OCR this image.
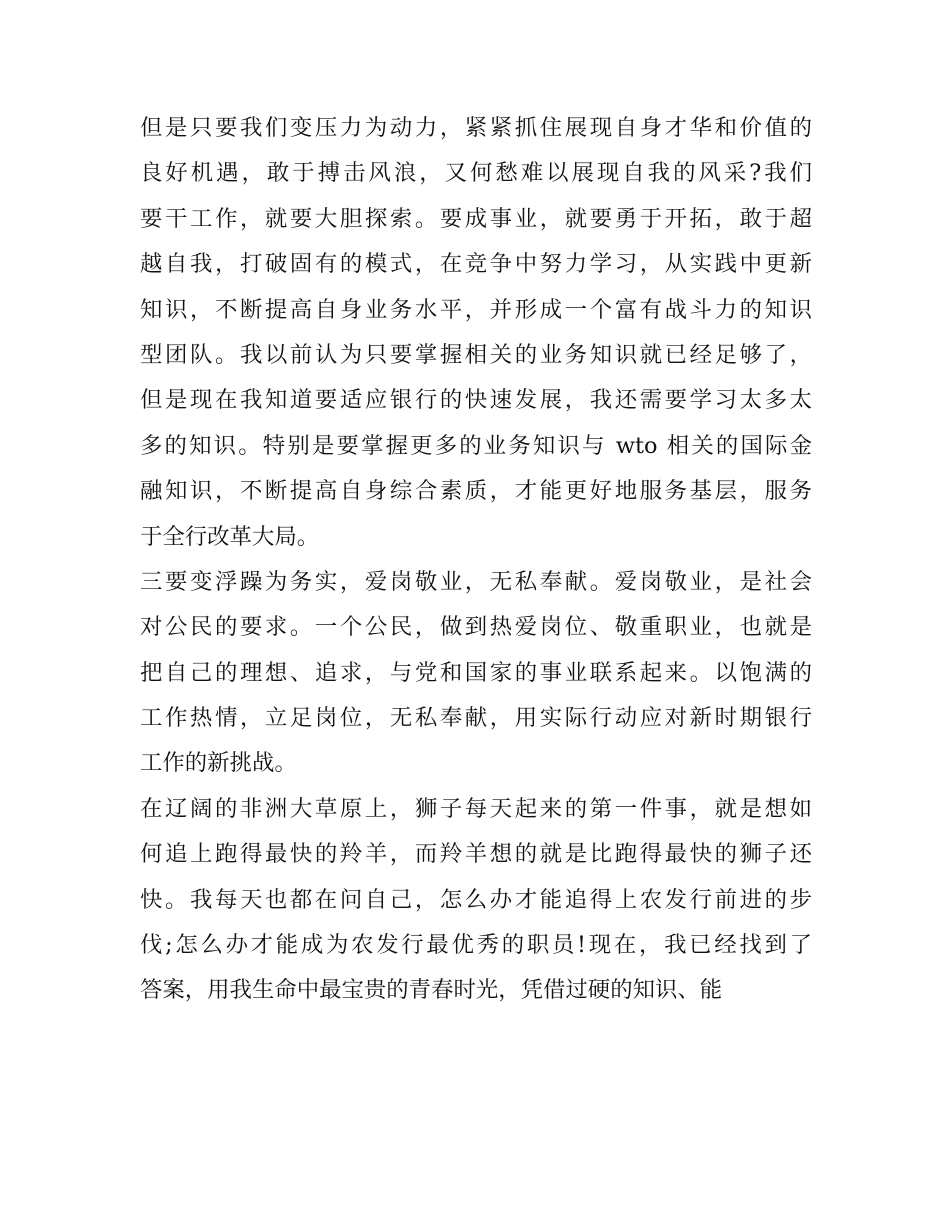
但是只要我们变压力为动力，紧紧抓住展现自身才华和价值的
良好机遇，敢于搏击风浪，又何愁难以展现自我的风采?我们
要干工作，就要大胆探索。要成事业，就要勇于开拓，敢于超
越自我，打破固有的模式，在竞争中努力学习，从实践中更新
知识，不断提高自身业务水平，并形成一个富有战斗力的知识
型团队。我以前认为只要掌握相关的业务知识就已经足够了，
但是现在我知道要适应银行的快速发展，我还需要学习太多太
多的知识。特别是要掌握更多的业务知识与 wto 相关的国际金
融知识，不断提高自身综合素质，才能更好地服务基层，服务
于全行改革大局。
三要变浮躁为务实，爱岗敬业，无私奉献。爱岗敬业，是社会
对公民的要求。一个公民，做到热爱岗位、敬重职业，也就是
把自己的理想、追求，与党和国家的事业联系起来。以饱满的
工作热情，立足岗位，无私奉献，用实际行动应对新时期银行
工作的新挑战。
在辽阔的非洲大草原上，狮子每天起来的第一件事，就是想如
何追上跑得最快的羚羊，而羚羊想的就是比跑得最快的狮子还
快。我每天也都在问自己，怎么办才能追得上农发行前进的步
伐;怎么办才能成为农发行最优秀的职员!现在，我已经找到了
答案，用我生命中最宝贵的青春时光，凭借过硬的知识、能
